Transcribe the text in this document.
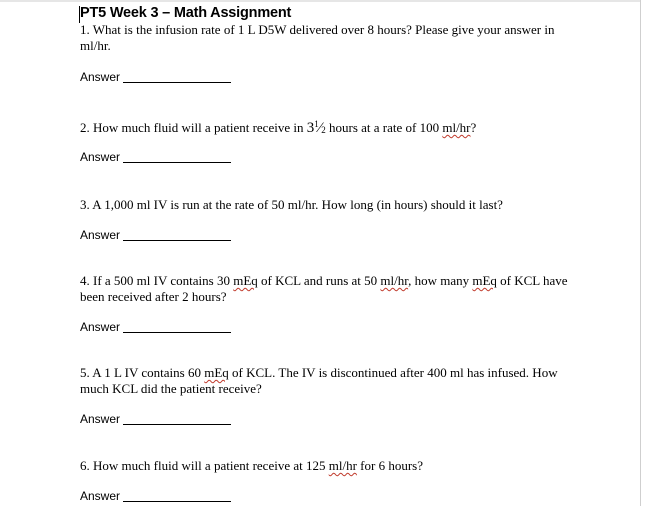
PT5 Week 3 – Math Assignment
1. What is the infusion rate of 1 L D5W delivered over 8 hours? Please give your answer in ml/hr.
Answer
2. How much fluid will a patient receive in $3^1⁄_2$ hours at a rate of 100 ml/hr?
Answer
3. A 1,000 ml IV is run at the rate of 50 ml/hr. How long (in hours) should it last?
Answer
4. If a 500 ml IV contains 30 mEq of KCL and runs at 50 ml/hr, how many mEq of KCL have been received after 2 hours?
Answer
5. A 1 L IV contains 60 mEq of KCL. The IV is discontinued after 400 ml has infused. How much KCL did the patient receive?
Answer
6. How much fluid will a patient receive at 125 ml/hr for 6 hours?
Answer
